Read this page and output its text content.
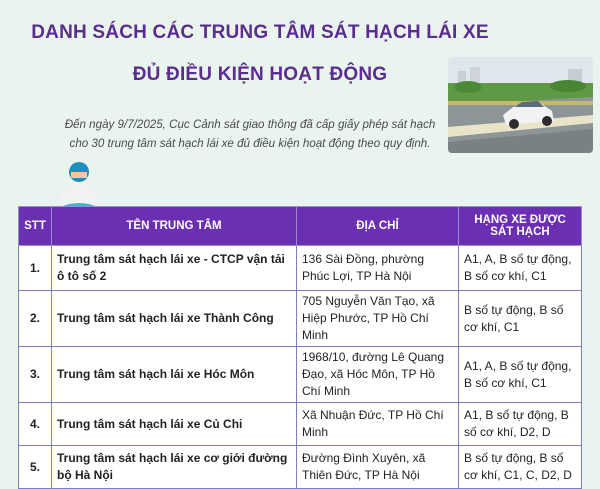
DANH SÁCH CÁC TRUNG TÂM SÁT HẠCH LÁI XE
ĐỦ ĐIỀU KIỆN HOẠT ĐỘNG
Đến ngày 9/7/2025, Cục Cảnh sát giao thông đã cấp giấy phép sát hạch
cho 30 trung tâm sát hạch lái xe đủ điều kiện hoạt động theo quy định.
STT	TÊN TRUNG TÂM	ĐỊA CHỈ	HẠNG XE ĐƯỢC SÁT HẠCH
1.	Trung tâm sát hạch lái xe - CTCP vận tải ô tô số 2	136 Sài Đồng, phường Phúc Lợi, TP Hà Nội	A1, A, B số tự động, B số cơ khí, C1
2.	Trung tâm sát hạch lái xe Thành Công	705 Nguyễn Văn Tạo, xã Hiệp Phước, TP Hồ Chí Minh	B số tự động, B số cơ khí, C1
3.	Trung tâm sát hạch lái xe Hóc Môn	1968/10, đường Lê Quang Đạo, xã Hóc Môn, TP Hồ Chí Minh	A1, A, B số tự động, B số cơ khí, C1
4.	Trung tâm sát hạch lái xe Củ Chi	Xã Nhuận Đức, TP Hồ Chí Minh	A1, B số tự động, B số cơ khí, D2, D
5.	Trung tâm sát hạch lái xe cơ giới đường bộ Hà Nội	Đường Đình Xuyên, xã Thiên Đức, TP Hà Nội	B số tự động, B số cơ khí, C1, C, D2, D
